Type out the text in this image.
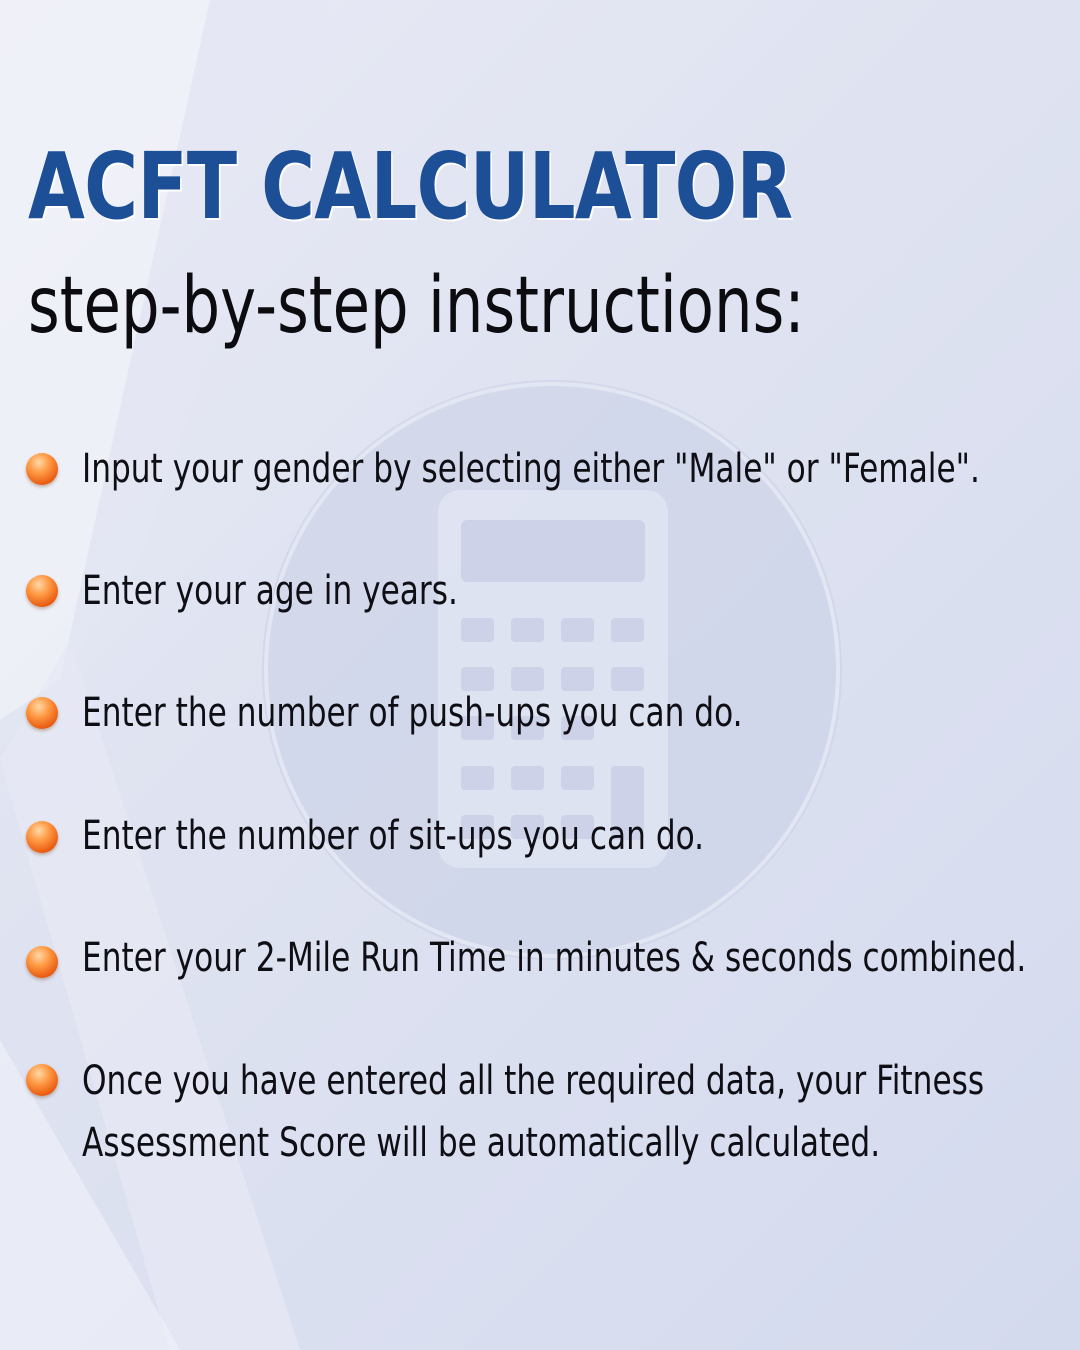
ACFT CALCULATOR
step-by-step instructions:
Input your gender by selecting either "Male" or "Female".
Enter your age in years.
Enter the number of push-ups you can do.
Enter the number of sit-ups you can do.
Enter your 2-Mile Run Time in minutes & seconds combined.
Once you have entered all the required data, your Fitness
Assessment Score will be automatically calculated.
